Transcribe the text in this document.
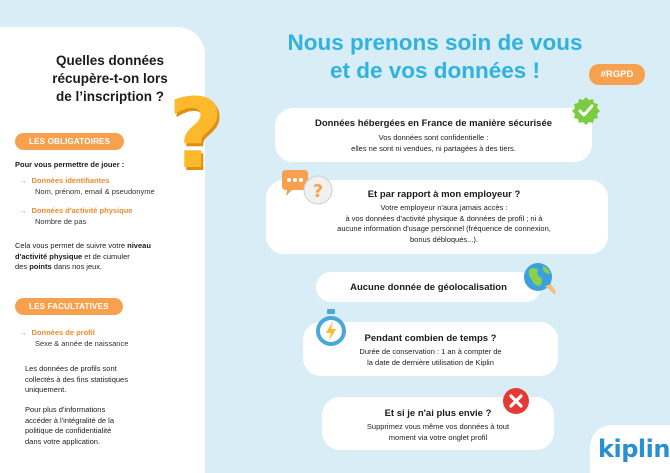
Quelles données
récupère-t-on lors
de l’inscription ? ?
LES OBLIGATOIRES
Pour vous permettre de jouer :
→ Données identifiantes
Nom, prénom, email & pseudonyme
→ Données d'activité physique
Nombre de pas
Cela vous permet de suivre votre niveau
d'activité physique et de cumuler
des points dans nos jeux.
LES FACULTATIVES
→ Données de profil
Sexe & année de naissance
Les données de profils sont
collectés à des fins statistiques
uniquement.
Pour plus d'informations
accéder à l'intégralité de la
politique de confidentialité
dans votre application.
Nous prenons soin de vous
et de vos données !	#RGPD
Données hébergées en France de manière sécurisée
Vos données sont confidentielle :
elles ne sont ni vendues, ni partagées à des tiers.
Et par rapport à mon employeur ?
Votre employeur n'aura jamais accès :
à vos données d'activité physique & données de profil ; ni à
aucune information d'usage personnel (fréquence de connexion,
bonus débloqués...).
?
Aucune donnée de géolocalisation
Pendant combien de temps ?
Durée de conservation : 1 an à compter de
la date de dernière utilisation de Kiplin
Et si je n'ai plus envie ?
Supprimez vous même vos données à tout
moment via votre onglet profil	kiplin
